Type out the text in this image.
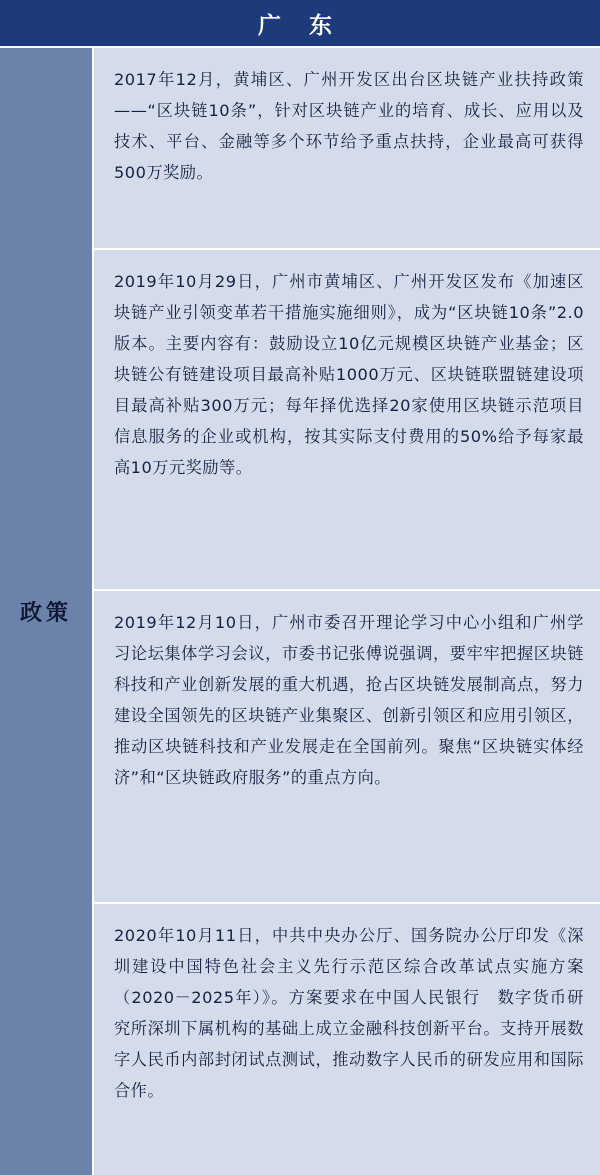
广 东
政策
2017年12月，黄埔区、广州开发区出台区块链产业扶持政策——“区块链10条”，针对区块链产业的培育、成长、应用以及技术、平台、金融等多个环节给予重点扶持，企业最高可获得500万奖励。
2019年10月29日，广州市黄埔区、广州开发区发布《加速区块链产业引领变革若干措施实施细则》，成为“区块链10条”2.0版本。主要内容有：鼓励设立10亿元规模区块链产业基金；区块链公有链建设项目最高补贴1000万元、区块链联盟链建设项目最高补贴300万元；每年择优选择20家使用区块链示范项目信息服务的企业或机构，按其实际支付费用的50%给予每家最高10万元奖励等。
2019年12月10日，广州市委召开理论学习中心小组和广州学习论坛集体学习会议，市委书记张傅说强调，要牢牢把握区块链科技和产业创新发展的重大机遇，抢占区块链发展制高点，努力建设全国领先的区块链产业集聚区、创新引领区和应用引领区，推动区块链科技和产业发展走在全国前列。聚焦“区块链实体经济”和“区块链政府服务”的重点方向。
2020年10月11日，中共中央办公厅、国务院办公厅印发《深圳建设中国特色社会主义先行示范区综合改革试点实施方案（2020－2025年）》。方案要求在中国人民银行　数字货币研究所深圳下属机构的基础上成立金融科技创新平台。支持开展数字人民币内部封闭试点测试，推动数字人民币的研发应用和国际合作。
